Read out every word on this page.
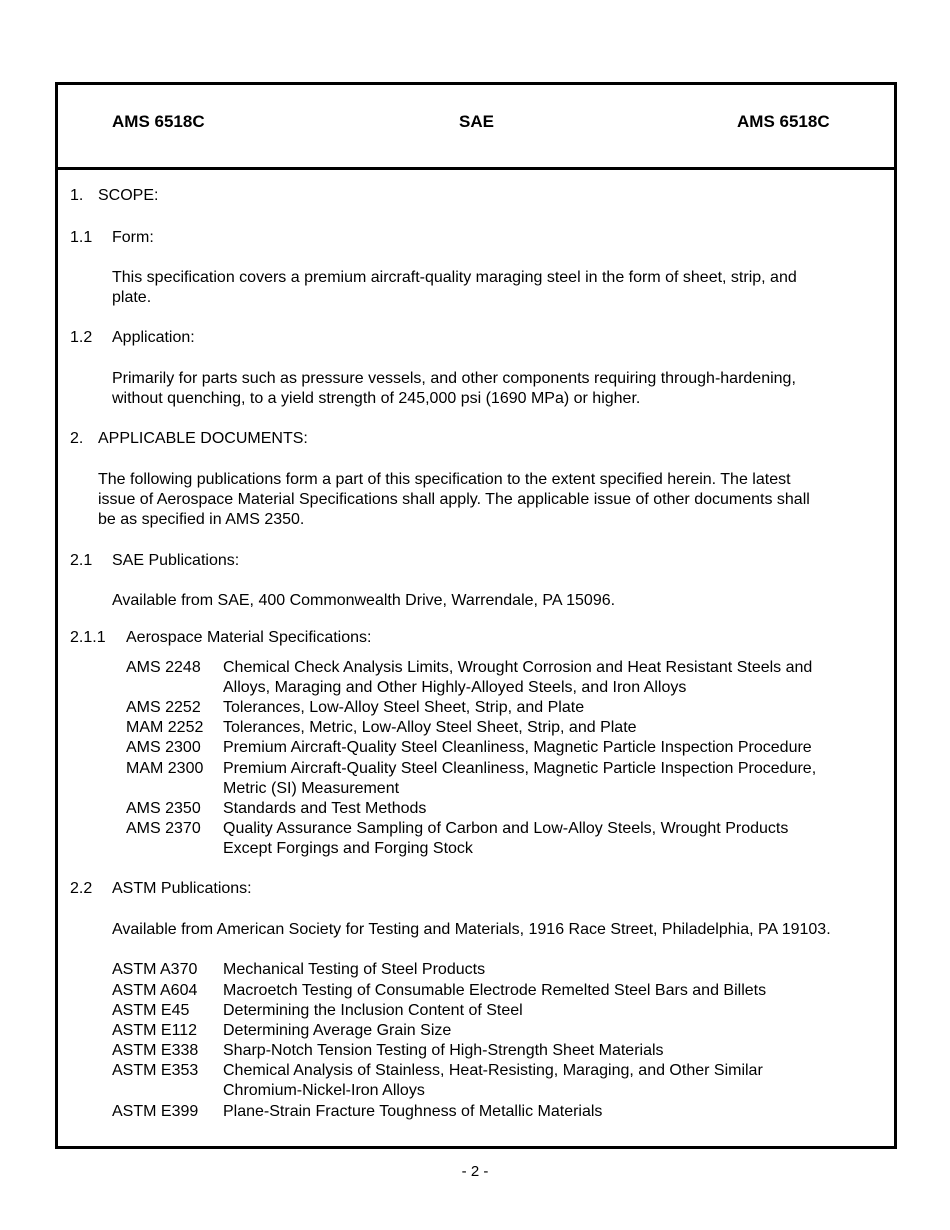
AMS 6518C	SAE	AMS 6518C
1. SCOPE:
1.1 Form:
This specification covers a premium aircraft-quality maraging steel in the form of sheet, strip, and
plate.
1.2 Application:
Primarily for parts such as pressure vessels, and other components requiring through-hardening,
without quenching, to a yield strength of 245,000 psi (1690 MPa) or higher.
2. APPLICABLE DOCUMENTS:
The following publications form a part of this specification to the extent specified herein. The latest
issue of Aerospace Material Specifications shall apply. The applicable issue of other documents shall
be as specified in AMS 2350.
2.1 SAE Publications:
Available from SAE, 400 Commonwealth Drive, Warrendale, PA 15096.
2.1.1 Aerospace Material Specifications:
AMS 2248 Chemical Check Analysis Limits, Wrought Corrosion and Heat Resistant Steels and
Alloys, Maraging and Other Highly-Alloyed Steels, and Iron Alloys
AMS 2252 Tolerances, Low-Alloy Steel Sheet, Strip, and Plate
MAM 2252 Tolerances, Metric, Low-Alloy Steel Sheet, Strip, and Plate
AMS 2300 Premium Aircraft-Quality Steel Cleanliness, Magnetic Particle Inspection Procedure
MAM 2300 Premium Aircraft-Quality Steel Cleanliness, Magnetic Particle Inspection Procedure,
Metric (SI) Measurement
AMS 2350 Standards and Test Methods
AMS 2370 Quality Assurance Sampling of Carbon and Low-Alloy Steels, Wrought Products
Except Forgings and Forging Stock
2.2 ASTM Publications:
Available from American Society for Testing and Materials, 1916 Race Street, Philadelphia, PA 19103.
ASTM A370 Mechanical Testing of Steel Products
ASTM A604 Macroetch Testing of Consumable Electrode Remelted Steel Bars and Billets
ASTM E45 Determining the Inclusion Content of Steel
ASTM E112 Determining Average Grain Size
ASTM E338 Sharp-Notch Tension Testing of High-Strength Sheet Materials
ASTM E353 Chemical Analysis of Stainless, Heat-Resisting, Maraging, and Other Similar
Chromium-Nickel-Iron Alloys
ASTM E399 Plane-Strain Fracture Toughness of Metallic Materials
- 2 -
